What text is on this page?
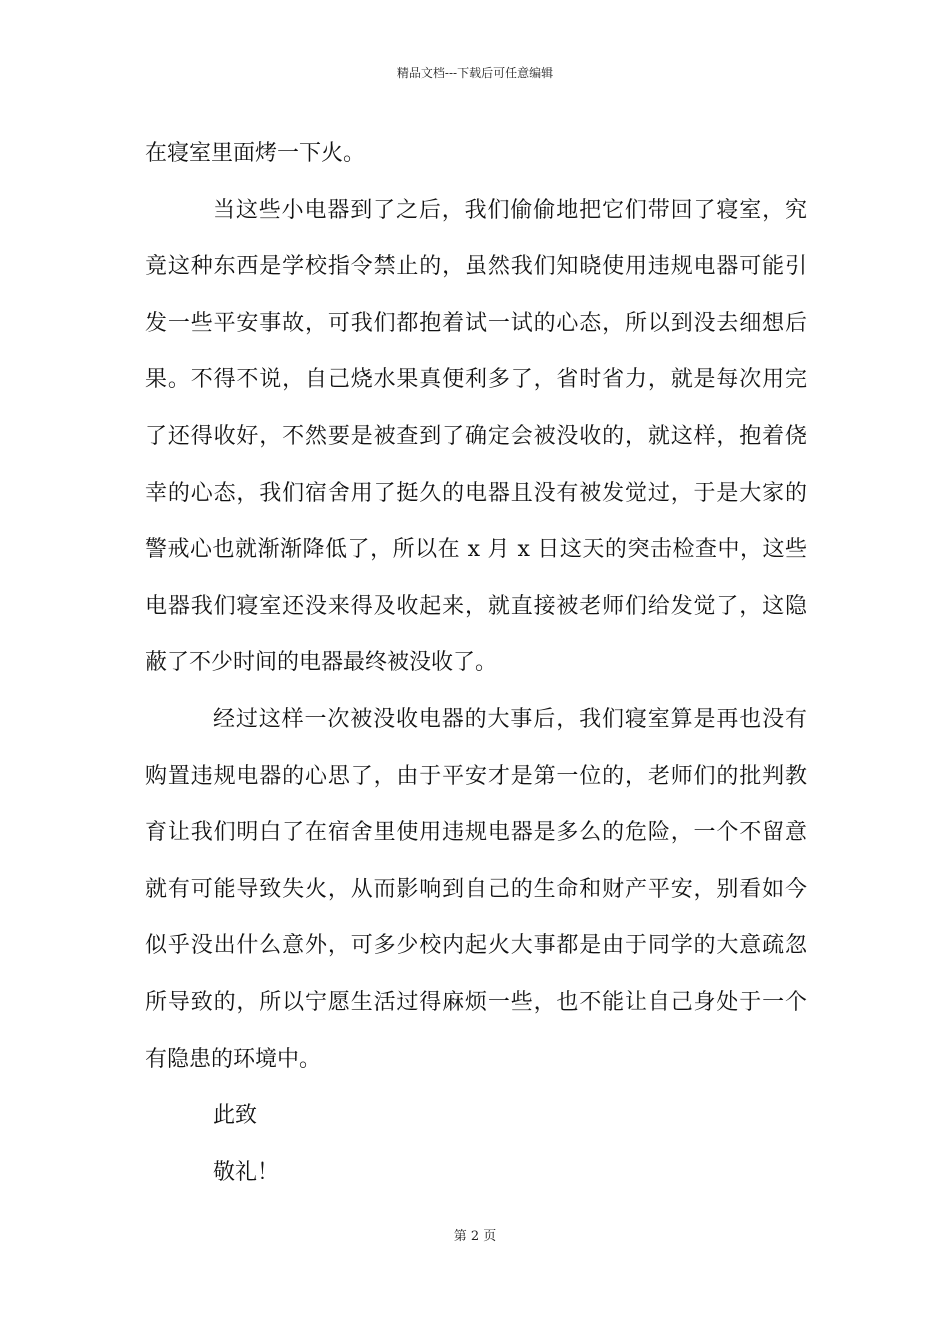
精品文档---下载后可任意编辑
在寝室里面烤一下火。
当这些小电器到了之后，我们偷偷地把它们带回了寝室，究
竟这种东西是学校指令禁止的，虽然我们知晓使用违规电器可能引
发一些平安事故，可我们都抱着试一试的心态，所以到没去细想后
果。不得不说，自己烧水果真便利多了，省时省力，就是每次用完
了还得收好，不然要是被查到了确定会被没收的，就这样，抱着侥
幸的心态，我们宿舍用了挺久的电器且没有被发觉过，于是大家的
警戒心也就渐渐降低了，所以在 x 月 x 日这天的突击检查中，这些
电器我们寝室还没来得及收起来，就直接被老师们给发觉了，这隐
蔽了不少时间的电器最终被没收了。
经过这样一次被没收电器的大事后，我们寝室算是再也没有
购置违规电器的心思了，由于平安才是第一位的，老师们的批判教
育让我们明白了在宿舍里使用违规电器是多么的危险，一个不留意
就有可能导致失火，从而影响到自己的生命和财产平安，别看如今
似乎没出什么意外，可多少校内起火大事都是由于同学的大意疏忽
所导致的，所以宁愿生活过得麻烦一些，也不能让自己身处于一个
有隐患的环境中。
此致
敬礼！
第 2 页
